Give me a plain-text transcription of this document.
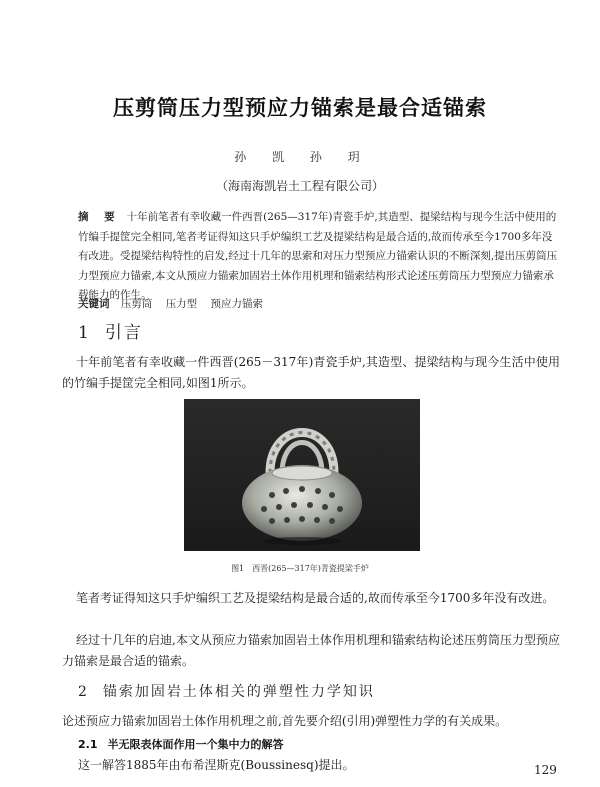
压剪筒压力型预应力锚索是最合适锚索
孙 凯 孙 玥
（海南海凯岩土工程有限公司）
摘 要 十年前笔者有幸收藏一件西晋(265—317年)青瓷手炉,其造型、提梁结构与现今生活中使用的竹编手提筐完全相同,笔者考证得知这只手炉编织工艺及提梁结构是最合适的,故而传承至今1700多年没有改进。受提梁结构特性的启发,经过十几年的思索和对压力型预应力锚索认识的不断深刻,提出压剪筒压力型预应力锚索,本文从预应力锚索加固岩土体作用机理和锚索结构形式论述压剪筒压力型预应力锚索承载能力的作生。
关键词 压剪筒 压力型 预应力锚索
1 引言
十年前笔者有幸收藏一件西晋(265－317年)青瓷手炉,其造型、提梁结构与现今生活中使用的竹编手提筐完全相同,如图1所示。
图1　西晋(265—317年)青瓷提梁手炉
笔者考证得知这只手炉编织工艺及提梁结构是最合适的,故而传承至今1700多年没有改进。
经过十几年的启迪,本文从预应力锚索加固岩土体作用机理和锚索结构论述压剪筒压力型预应力锚索是最合适的锚索。
2 锚索加固岩土体相关的弹塑性力学知识
论述预应力锚索加固岩土体作用机理之前,首先要介绍(引用)弹塑性力学的有关成果。
2.1 半无限表体面作用一个集中力的解答
这一解答1885年由布希涅斯克(Boussinesq)提出。	129
